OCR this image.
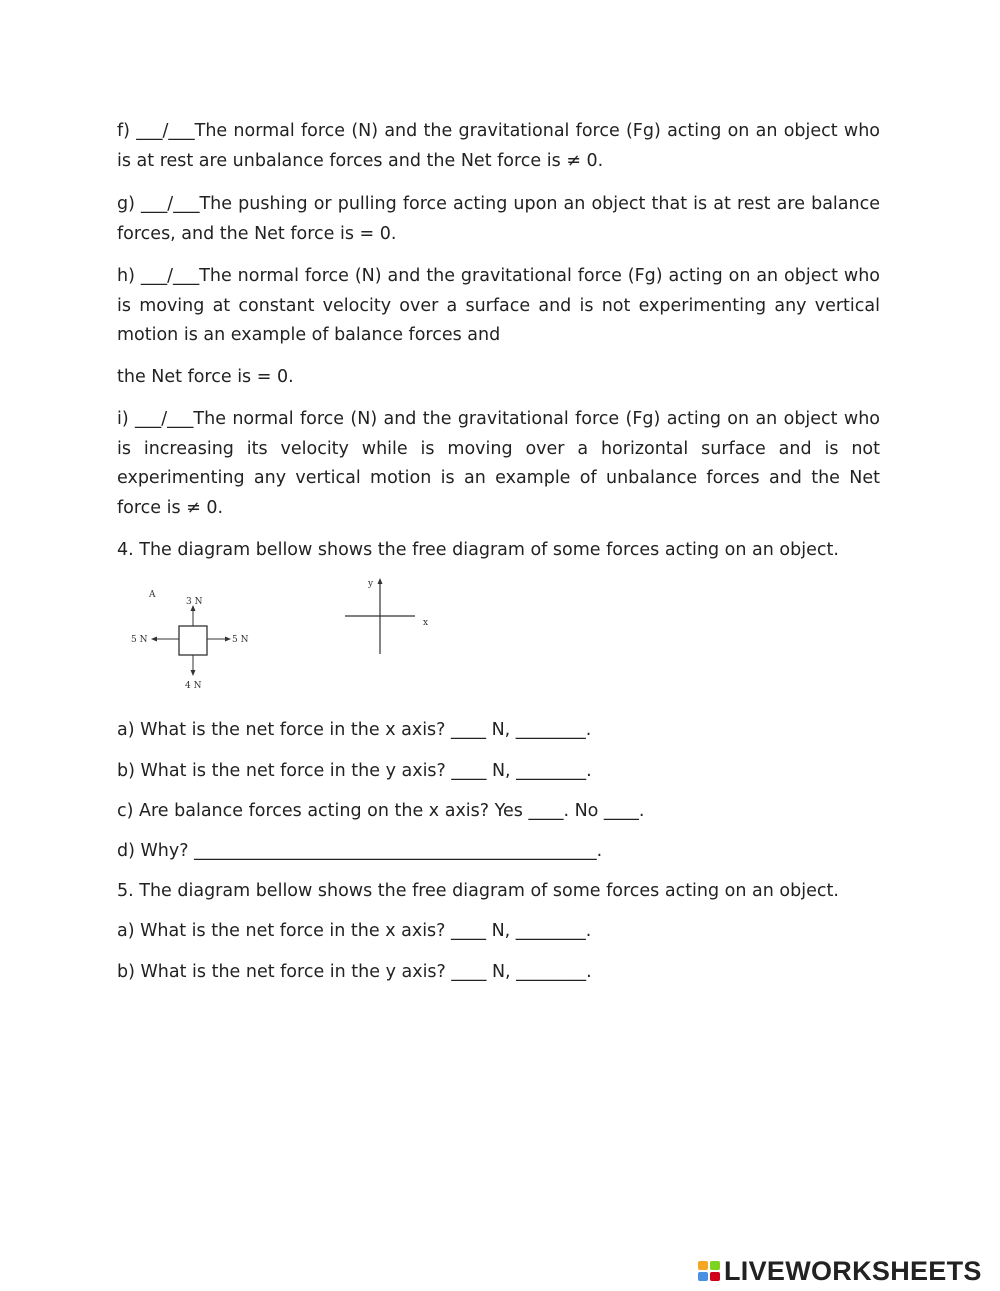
f) ___/___The normal force (N) and the gravitational force (Fg) acting on an object who is at rest are unbalance forces and the Net force is ≠ 0.

g) ___/___The pushing or pulling force acting upon an object that is at rest are balance forces, and the Net force is = 0.

h) ___/___The normal force (N) and the gravitational force (Fg) acting on an object who is moving at constant velocity over a surface and is not experimenting any vertical motion is an example of balance forces and

the Net force is = 0.

i) ___/___The normal force (N) and the gravitational force (Fg) acting on an object who is increasing its velocity while is moving over a horizontal surface and is not experimenting any vertical motion is an example of unbalance forces and the Net force is ≠ 0.

4. The diagram bellow shows the free diagram of some forces acting on an object.

A
3 N
4 N
5 N	5 N
y
x

a) What is the net force in the x axis? ____ N, ________.

b) What is the net force in the y axis? ____ N, ________.

c) Are balance forces acting on the x axis? Yes ____. No ____.

d) Why? ______________________________________________.

5. The diagram bellow shows the free diagram of some forces acting on an object.

a) What is the net force in the x axis? ____ N, ________.

b) What is the net force in the y axis? ____ N, ________.

LIVEWORKSHEETS
